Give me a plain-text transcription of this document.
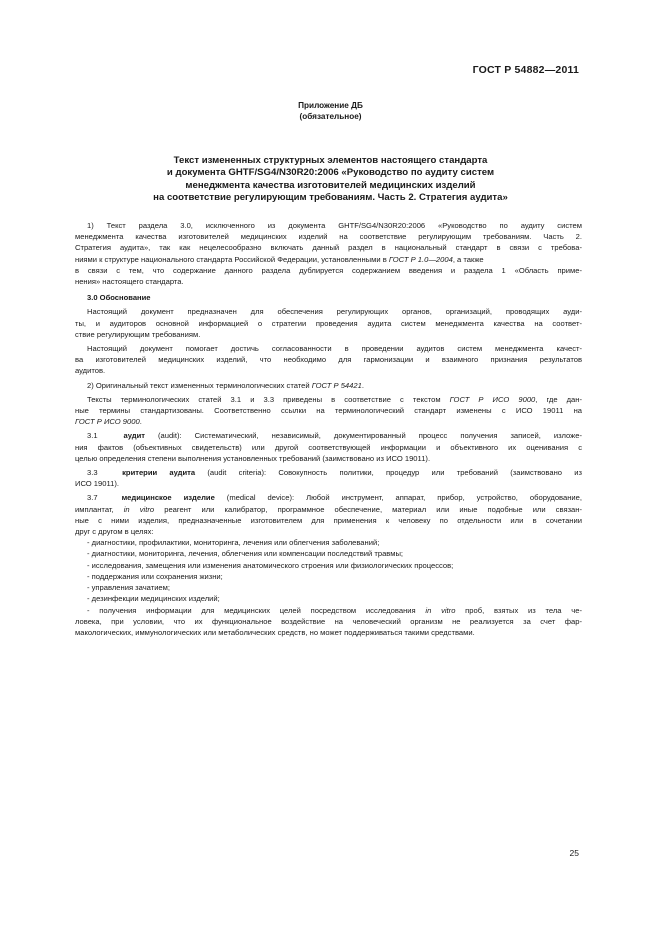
ГОСТ Р 54882—2011
Приложение ДБ
(обязательное)
Текст измененных структурных элементов настоящего стандарта
и документа GHTF/SG4/N30R20:2006 «Руководство по аудиту систем
менеджмента качества изготовителей медицинских изделий
на соответствие регулирующим требованиям. Часть 2. Стратегия аудита»
1) Текст раздела 3.0, исключенного из документа GHTF/SG4/N30R20:2006 «Руководство по аудиту систем
менеджмента качества изготовителей медицинских изделий на соответствие регулирующим требованиям. Часть 2.
Стратегия аудита», так как нецелесообразно включать данный раздел в национальный стандарт в связи с требова-
ниями к структуре национального стандарта Российской Федерации, установленными в ГОСТ Р 1.0—2004, а также
в связи с тем, что содержание данного раздела дублируется содержанием введения и раздела 1 «Область приме-
нения» настоящего стандарта.
3.0 Обоснование
Настоящий документ предназначен для обеспечения регулирующих органов, организаций, проводящих ауди-
ты, и аудиторов основной информацией о стратегии проведения аудита систем менеджмента качества на соответ-
ствие регулирующим требованиям.
Настоящий документ помогает достичь согласованности в проведении аудитов систем менеджмента качест-
ва изготовителей медицинских изделий, что необходимо для гармонизации и взаимного признания результатов
аудитов.
2) Оригинальный текст измененных терминологических статей ГОСТ Р 54421.
Тексты терминологических статей 3.1 и 3.3 приведены в соответствие с текстом ГОСТ Р ИСО 9000, где дан-
ные термины стандартизованы. Соответственно ссылки на терминологический стандарт изменены с ИСО 19011 на
ГОСТ Р ИСО 9000.
3.1	аудит (audit): Систематический, независимый, документированный процесс получения записей, изложе-
ния фактов (объективных свидетельств) или другой соответствующей информации и объективного их оценивания с
целью определения степени выполнения установленных требований (заимствовано из ИСО 19011).
3.3	критерии аудита (audit criteria): Совокупность политики, процедур или требований (заимствовано из
ИСО 19011).
3.7	медицинское изделие (medical device): Любой инструмент, аппарат, прибор, устройство, оборудование,
имплантат, in vitro реагент или калибратор, программное обеспечение, материал или иные подобные или связан-
ные с ними изделия, предназначенные изготовителем для применения к человеку по отдельности или в сочетании
друг с другом в целях:
- диагностики, профилактики, мониторинга, лечения или облегчения заболеваний;
- диагностики, мониторинга, лечения, облегчения или компенсации последствий травмы;
- исследования, замещения или изменения анатомического строения или физиологических процессов;
- поддержания или сохранения жизни;
- управления зачатием;
- дезинфекции медицинских изделий;
- получения информации для медицинских целей посредством исследования in vitro проб, взятых из тела че-
ловека, при условии, что их функциональное воздействие на человеческий организм не реализуется за счет фар-
макологических, иммунологических или метаболических средств, но может поддерживаться такими средствами.
25
